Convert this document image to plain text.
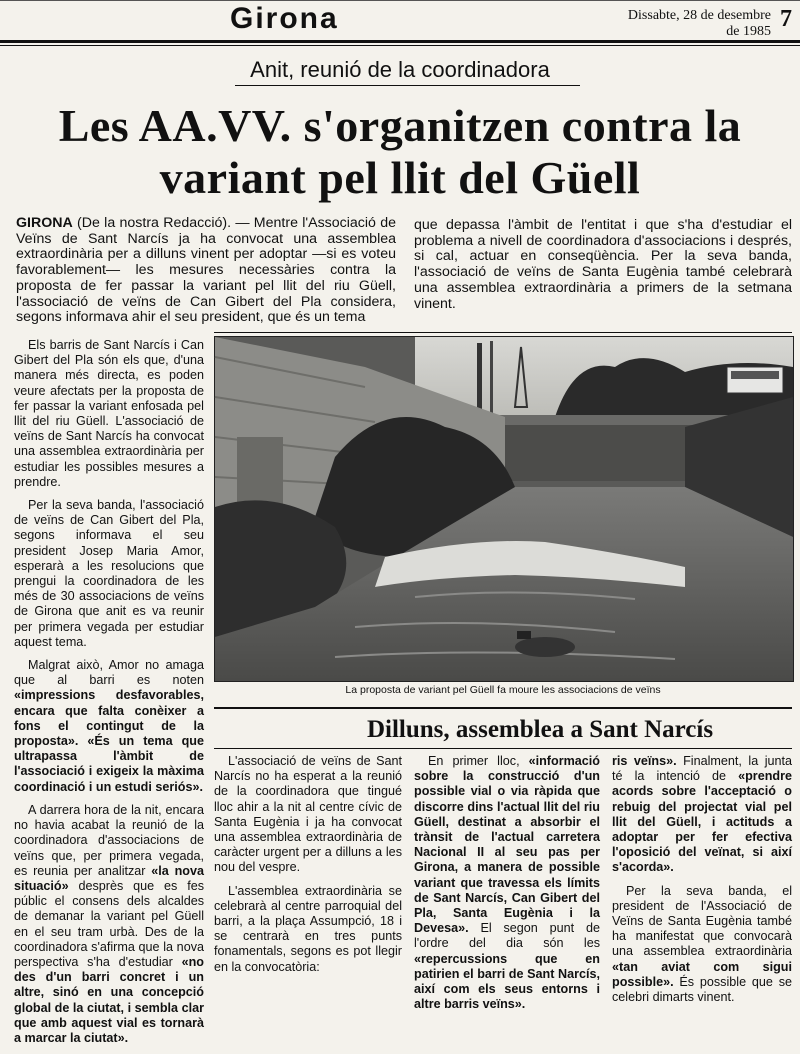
Girona	Dissabte, 28 de desembre
de 1985 7
Anit, reunió de la coordinadora
Les AA.VV. s'organitzen contra la
variant pel llit del Güell

GIRONA (De la nostra Redacció). — Mentre l'Associació de Veïns de Sant Narcís ja ha convocat una assemblea extraordinària per a dilluns vinent per adoptar —si es voteu favorablement— les mesures necessàries contra la proposta de fer passar la variant pel llit del riu Güell, l'associació de veïns de Can Gibert del Pla considera, segons informava ahir el seu president, que és un tema

que depassa l'àmbit de l'entitat i que s'ha d'estudiar el problema a nivell de coordinadora d'associacions i després, si cal, actuar en conseqüència. Per la seva banda, l'associació de veïns de Santa Eugènia també celebrarà una assemblea extraordinària a primers de la setmana vinent.

Els barris de Sant Narcís i Can Gibert del Pla són els que, d'una manera més directa, es poden veure afectats per la proposta de fer passar la variant enfosada pel llit del riu Güell. L'associació de veïns de Sant Narcís ha convocat una assemblea extraordinària per estudiar les possibles mesures a prendre.

Per la seva banda, l'associació de veïns de Can Gibert del Pla, segons informava el seu president Josep Maria Amor, esperarà a les resolucions que prengui la coordinadora de les més de 30 associacions de veïns de Girona que anit es va reunir per primera vegada per estudiar aquest tema.

Malgrat això, Amor no amaga que al barri es noten «impressions desfavorables, encara que falta conèixer a fons el contingut de la proposta». «És un tema que ultrapassa l'àmbit de l'associació i exigeix la màxima coordinació i un estudi seriós».

A darrera hora de la nit, encara no havia acabat la reunió de la coordinadora d'associacions de veïns que, per primera vegada, es reunia per analitzar «la nova situació» desprès que es fes públic el consens dels alcaldes de demanar la variant pel Güell en el seu tram urbà. Des de la coordinadora s'afirma que la nova perspectiva s'ha d'estudiar «no des d'un barri concret i un altre, sinó en una concepció global de la ciutat, i sembla clar que amb aquest vial es tornarà a marcar la ciutat».

La proposta de variant pel Güell fa moure les associacions de veïns
Dilluns, assemblea a Sant Narcís

L'associació de veïns de Sant Narcís no ha esperat a la reunió de la coordinadora que tingué lloc ahir a la nit al centre cívic de Santa Eugènia i ja ha convocat una assemblea extraordinària de caràcter urgent per a dilluns a les nou del vespre.

L'assemblea extraordinària se celebrarà al centre parroquial del barri, a la plaça Assumpció, 18 i se centrarà en tres punts fonamentals, segons es pot llegir en la convocatòria:

En primer lloc, «informació sobre la construcció d'un possible vial o via ràpida que discorre dins l'actual llit del riu Güell, destinat a absorbir el trànsit de l'actual carretera Nacional II al seu pas per Girona, a manera de possible variant que travessa els límits de Sant Narcís, Can Gibert del Pla, Santa Eugènia i la Devesa». El segon punt de l'ordre del dia són les «repercussions que en patirien el barri de Sant Narcís, així com els seus entorns i altre barris veïns».

ris veïns». Finalment, la junta té la intenció de «prendre acords sobre l'acceptació o rebuig del projectat vial pel llit del Güell, i actituds a adoptar per fer efectiva l'oposició del veïnat, si així s'acorda».

Per la seva banda, el president de l'Associació de Veïns de Santa Eugènia també ha manifestat que convocarà una assemblea extraordinària «tan aviat com sigui possible». És possible que se celebri dimarts vinent.
